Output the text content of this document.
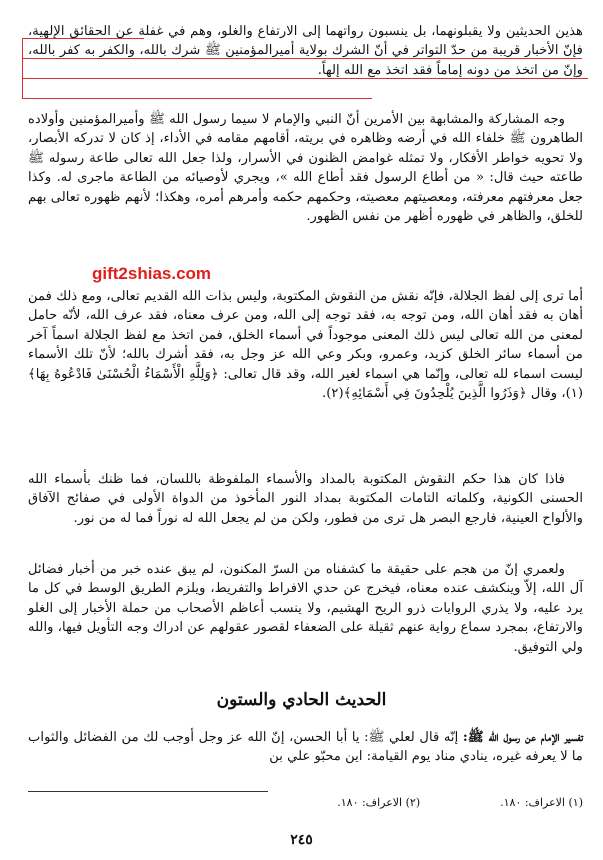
هذين الحديثين ولا يقبلونهما، بل ينسبون رواتهما إلى الارتفاع والغلو، وهم في غفلة عن الحقائق الإلهية، فإنّ الأخبار قريبة من حدّ التواتر في أنّ الشرك بولاية أميرالمؤمنين ﷺ شرك بالله، والكفر به كفر بالله، وإنّ من اتخذ من دونه إماماً فقد اتخذ مع الله إلهاً.

وجه المشاركة والمشابهة بين الأمرين أنّ النبي والإمام لا سيما رسول الله ﷺ وأميرالمؤمنين وأولاده الطاهرون ﷺ خلفاء الله في أرضه وظاهره في بريته، أقامهم مقامه في الأداء، إذ كان لا تدركه الأبصار، ولا تحويه خواطر الأفكار، ولا تمثله غوامض الظنون في الأسرار، ولذا جعل الله تعالى طاعة رسوله ﷺ طاعته حيث قال: « من أطاع الرسول فقد أطاع الله »، ويجري لأوصيائه من الطاعة ماجرى له. وكذا جعل معرفتهم معرفته، ومعصيتهم معصيته، وحكمهم حكمه وأمرهم أمره، وهكذا؛ لأنهم ظهوره تعالى بهم للخلق، والظاهر في ظهوره أظهر من نفس الظهور.

gift2shias.com

أما ترى إلى لفظ الجلالة، فإنّه نقش من النقوش المكتوبة، وليس بذات الله القديم تعالى، ومع ذلك فمن أهان به فقد أهان الله، ومن توجه به، فقد توجه إلى الله، ومن عرف معناه، فقد عرف الله، لأنّه حامل لمعنى من الله تعالى ليس ذلك المعنى موجوداً في أسماء الخلق، فمن اتخذ مع لفظ الجلالة اسماً آخر من أسماء سائر الخلق كزيد، وعمرو، وبكر وعي الله عز وجل به، فقد أشرك بالله؛ لأنّ تلك الأسماء ليست اسماء لله تعالى، وإنّما هي اسماء لغير الله، وقد قال تعالى: ﴿وَلِلَّهِ الْأَسْمَاءُ الْحُسْنَىٰ فَادْعُوهُ بِهَا﴾(١)، وقال ﴿وَذَرُوا الَّذِينَ يُلْحِدُونَ فِي أَسْمَائِهِ﴾(٢).

فاذا كان هذا حكم النقوش المكتوبة بالمداد والأسماء الملفوظة باللسان، فما ظنك بأسماء الله الحسنى الكونية، وكلماته التامات المكتوبة بمداد النور المأخوذ من الدواة الأولى في صفائح الآفاق والألواح العينية، فارجع البصر هل ترى من فطور، ولكن من لم يجعل الله له نوراً فما له من نور.

ولعمري إنّ من هجم على حقيقة ما كشفناه من السرّ المكنون، لم يبق عنده خبر من أخبار فضائل آل الله، إلاّ وينكشف عنده معناه، فيخرج عن حدي الافراط والتفريط، ويلزم الطريق الوسط في كل ما يرد عليه، ولا يذري الروايات ذرو الريح الهشيم، ولا ينسب أعاظم الأصحاب من حملة الأخبار إلى الغلو والارتفاع، بمجرد سماع رواية عنهم ثقيلة على الضعفاء لقصور عقولهم عن ادراك وجه التأويل فيها، والله ولي التوفيق.

الحديث الحادي والستون

تفسير الإمام عن رسول الله ﷺ: إنّه قال لعلي ﷺ: يا أبا الحسن، إنّ الله عز وجل أوجب لك من الفضائل والثواب ما لا يعرفه غيره، ينادي مناد يوم القيامة: اين محبّو علي بن

(١) الاعراف: ١٨٠.
(٢) الاعراف: ١٨٠.
٢٤٥
